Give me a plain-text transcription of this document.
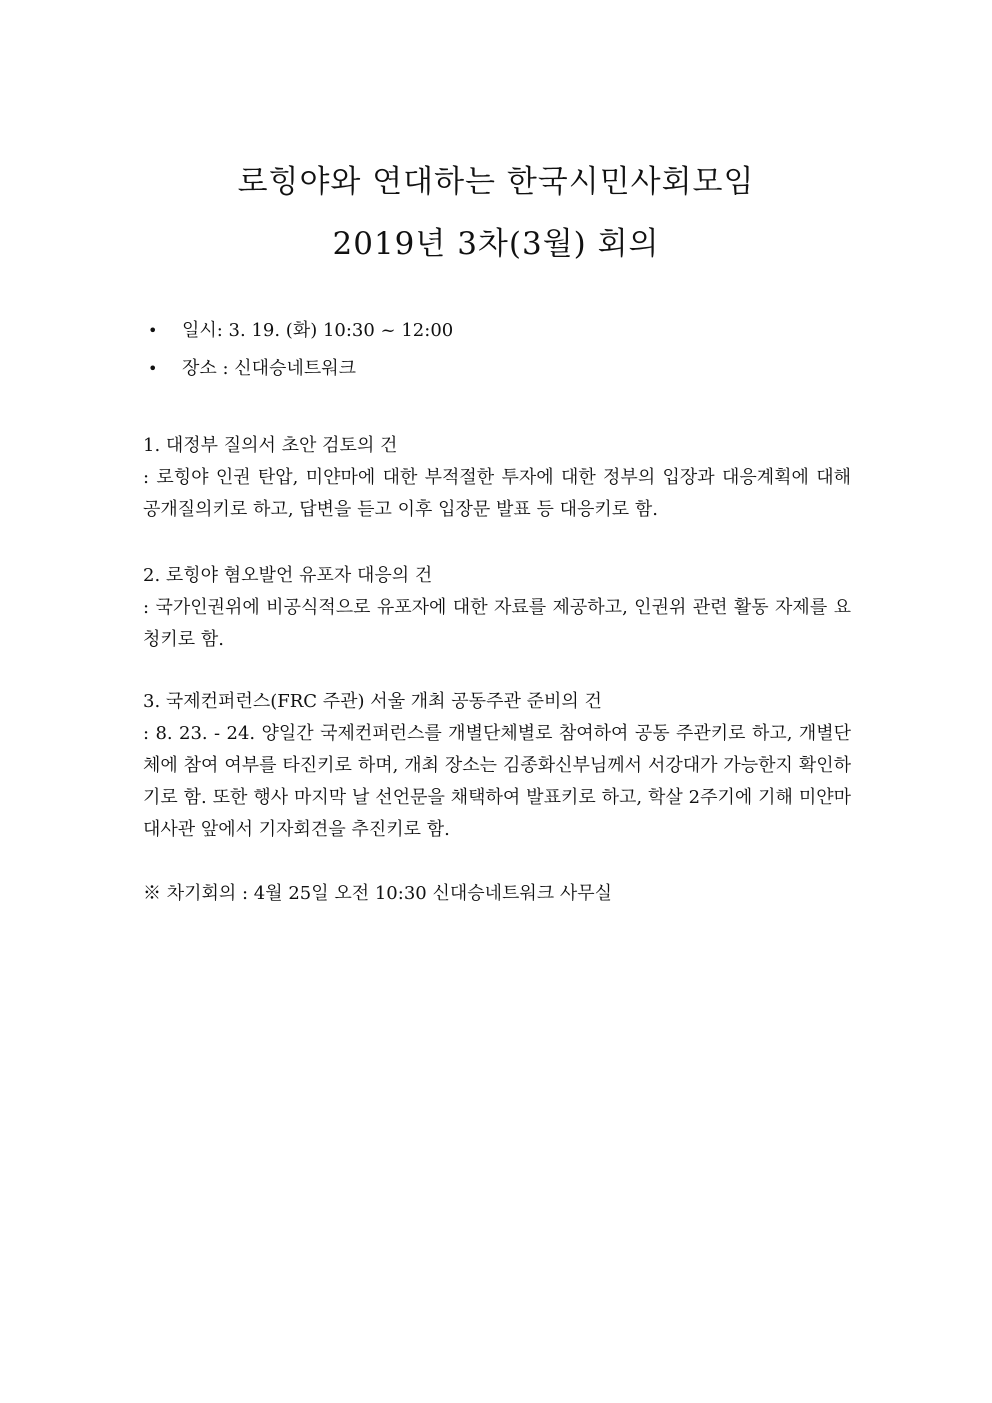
로힝야와 연대하는 한국시민사회모임
2019년 3차(3월) 회의
• 일시: 3. 19. (화) 10:30 ~ 12:00
• 장소 : 신대승네트워크

1. 대정부 질의서 초안 검토의 건

: 로힝야 인권 탄압, 미얀마에 대한 부적절한 투자에 대한 정부의 입장과 대응계획에 대해 공개질의키로 하고, 답변을 듣고 이후 입장문 발표 등 대응키로 함.

2. 로힝야 혐오발언 유포자 대응의 건

: 국가인권위에 비공식적으로 유포자에 대한 자료를 제공하고, 인권위 관련 활동 자제를 요청키로 함.

3. 국제컨퍼런스(FRC 주관) 서울 개최 공동주관 준비의 건

: 8. 23. - 24. 양일간 국제컨퍼런스를 개별단체별로 참여하여 공동 주관키로 하고, 개별단체에 참여 여부를 타진키로 하며, 개최 장소는 김종화신부님께서 서강대가 가능한지 확인하기로 함. 또한 행사 마지막 날 선언문을 채택하여 발표키로 하고, 학살 2주기에 기해 미얀마 대사관 앞에서 기자회견을 추진키로 함.

※ 차기회의 : 4월 25일 오전 10:30 신대승네트워크 사무실
